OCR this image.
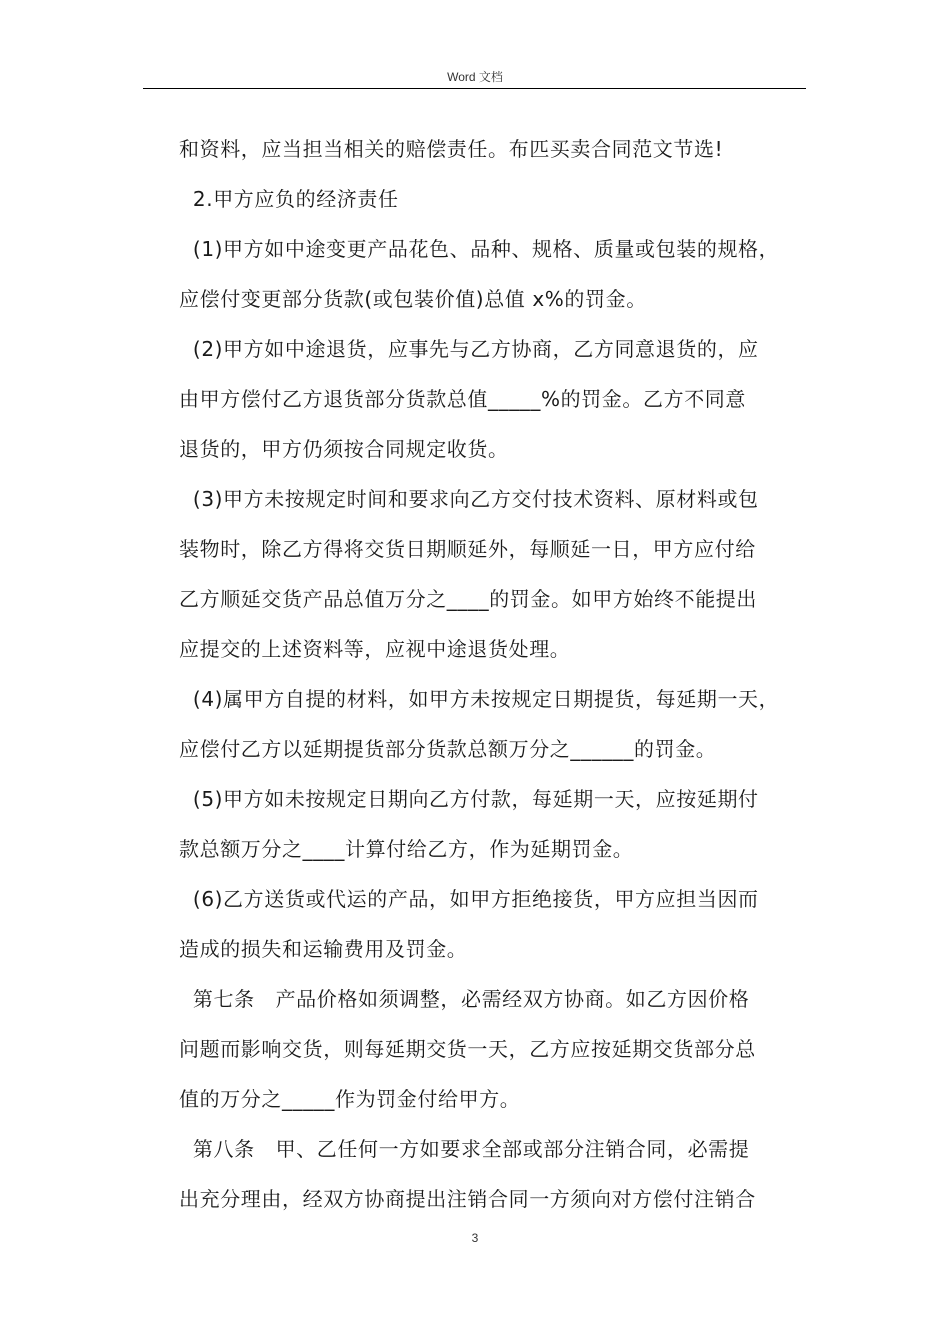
Word 文档
和资料，应当担当相关的赔偿责任。布匹买卖合同范文节选!
2.甲方应负的经济责任
(1)甲方如中途变更产品花色、品种、规格、质量或包装的规格，
应偿付变更部分货款(或包装价值)总值 x%的罚金。
(2)甲方如中途退货，应事先与乙方协商，乙方同意退货的，应
由甲方偿付乙方退货部分货款总值_____%的罚金。乙方不同意
退货的，甲方仍须按合同规定收货。
(3)甲方未按规定时间和要求向乙方交付技术资料、原材料或包
装物时，除乙方得将交货日期顺延外，每顺延一日，甲方应付给
乙方顺延交货产品总值万分之____的罚金。如甲方始终不能提出
应提交的上述资料等，应视中途退货处理。
(4)属甲方自提的材料，如甲方未按规定日期提货，每延期一天，
应偿付乙方以延期提货部分货款总额万分之______的罚金。
(5)甲方如未按规定日期向乙方付款，每延期一天，应按延期付
款总额万分之____计算付给乙方，作为延期罚金。
(6)乙方送货或代运的产品，如甲方拒绝接货，甲方应担当因而
造成的损失和运输费用及罚金。
第七条   产品价格如须调整，必需经双方协商。如乙方因价格
问题而影响交货，则每延期交货一天，乙方应按延期交货部分总
值的万分之_____作为罚金付给甲方。
第八条   甲、乙任何一方如要求全部或部分注销合同，必需提
出充分理由，经双方协商提出注销合同一方须向对方偿付注销合
3
